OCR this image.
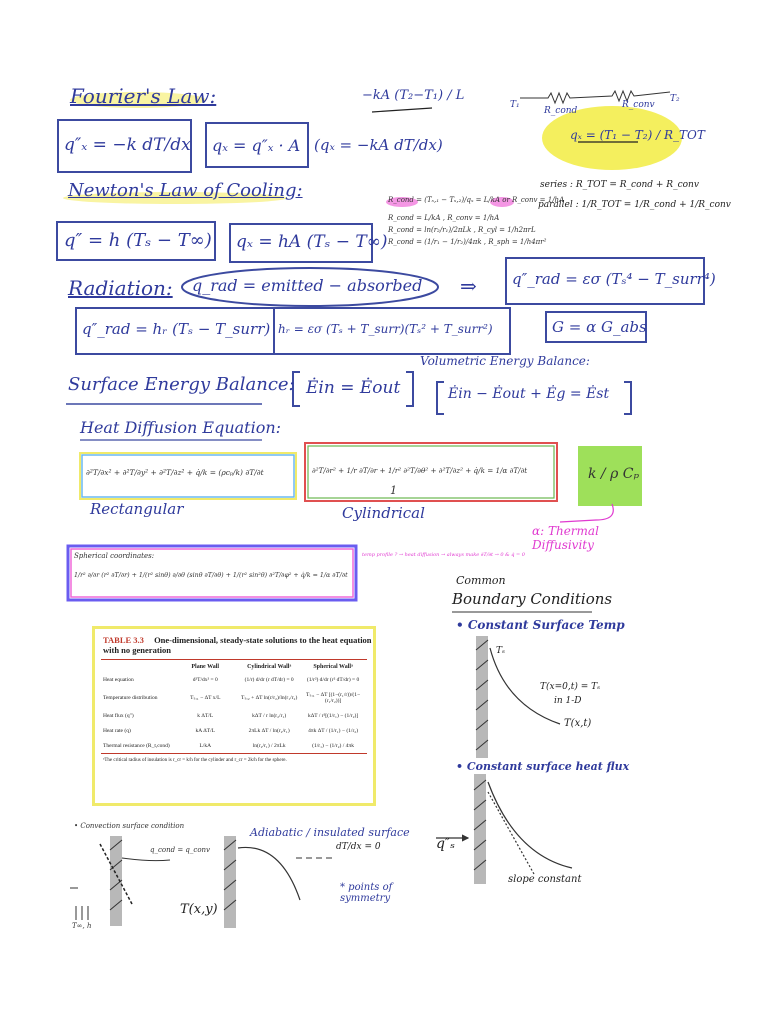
Fourier's Law:
Newton's Law of Cooling:
Radiation:
Surface Energy Balance:
Heat Diffusion Equation:
Volumetric Energy Balance:
q″ₓ = −k dT/dx qₓ = q″ₓ · A (qₓ = −kA dT/dx)
−kA (T₂−T₁) / L
T₁
R_cond
R_conv
T₂
qₓ = (T₁ − T₂) / R_TOT
q″ = h (Tₛ − T∞) qₓ = hA (Tₛ − T∞)
R_cond = (Tₛ,₁ − Tₛ,₂)/qₓ = L/kA or R_conv = 1/hA
R_cond = L/kA , R_conv = 1/hA
R_cond = ln(r₂/r₁)/2πLk , R_cyl = 1/h2πrL
R_cond = (1/r₁ − 1/r₂)/4πk , R_sph = 1/h4πr²
series : R_TOT = R_cond + R_conv
parallel : 1/R_TOT = 1/R_cond + 1/R_conv
q_rad = emitted − absorbed ⇒ q″_rad = εσ (Tₛ⁴ − T_surr⁴)
q″_rad = hᵣ (Tₛ − T_surr) hᵣ = εσ (Tₛ + T_surr)(Tₛ² + T_surr²)	G = α G_abs
Ėin = Ėout	Ėin − Ėout + Ėg = Ėst
∂²T/∂x² + ∂²T/∂y² + ∂²T/∂z² + q̇/k = (ρcₚ/k) ∂T/∂t
Rectangular
∂²T/∂r² + 1/r ∂T/∂r + 1/r² ∂²T/∂θ² + ∂²T/∂z² + q̇/k = 1/α ∂T/∂t
1
Cylindrical
k / ρ Cₚ
α: Thermal Diffusivity
Spherical coordinates:
1/r² ∂/∂r (r² ∂T/∂r) + 1/(r² sinθ) ∂/∂θ (sinθ ∂T/∂θ) + 1/(r² sin²θ) ∂²T/∂φ² + q̇/k = 1/α ∂T/∂t
temp profile ? → heat diffusion → always make ∂T/∂t → 0 & q̇ = 0
TABLE 3.3 One-dimensional, steady-state solutions to the heat equation with no generation
Plane Wall	Cylindrical Wallᵃ	Spherical Wallᵃ
Heat equation	d²T/dx² = 0	(1/r) d/dr (r dT/dr) = 0	(1/r²) d/dr (r² dT/dr) = 0
Temperature distribution	Tₛ,₁ − ΔT x/L	Tₛ,₂ + ΔT ln(r/r₂)/ln(r₁/r₂)	Tₛ,₁ − ΔT [(1−(r₁/r))/(1−(r₁/r₂))]
Heat flux (q″)	k ΔT/L	kΔT / r ln(r₂/r₁)	kΔT / r²[(1/r₁) − (1/r₂)]
Heat rate (q)	kA ΔT/L	2πLk ΔT / ln(r₂/r₁)	4πk ΔT / (1/r₁) − (1/r₂)
Thermal resistance (R_t,cond)	L/kA	ln(r₂/r₁) / 2πLk	(1/r₁) − (1/r₂) / 4πk
ᵃThe critical radius of insulation is r_cr = k/h for the cylinder and r_cr = 2k/h for the sphere.
Common
Boundary Conditions
• Constant Surface Temp
Tₛ
T(x=0,t) = Tₛ
in 1-D
T(x,t)
• Constant surface heat flux
q″ₛ
slope constant
• Convection surface condition
q_cond = q_conv
Adiabatic / insulated surface
dT/dx = 0
T(x,y)
* points of symmetry
T∞, h
